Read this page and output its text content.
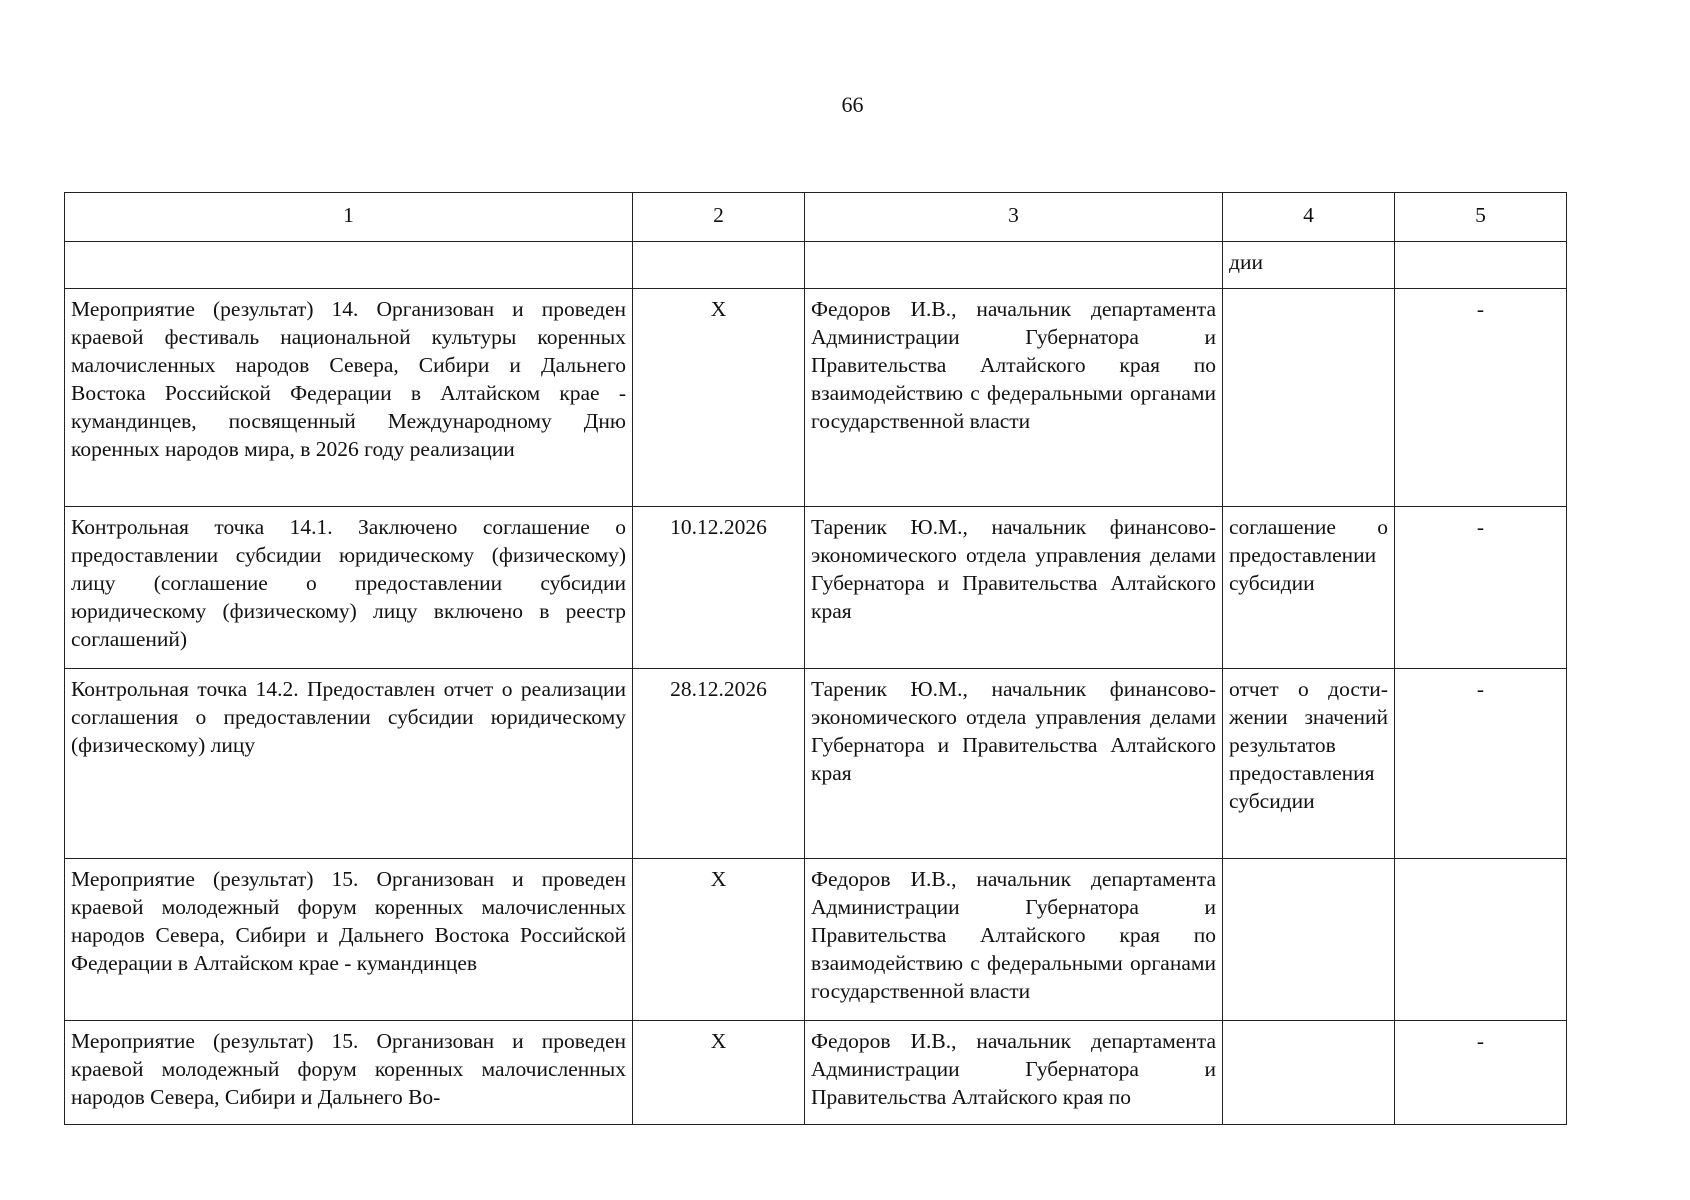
66
1	2	3	4	5
			дии	
Мероприятие (результат) 14. Организован и проведен краевой фестиваль национальной культуры коренных малочисленных народов Севера, Сибири и Дальнего Востока Российской Федерации в Алтайском крае - кумандинцев, посвященный Международному Дню коренных народов мира, в 2026 году реализации	X	Федоров И.В., начальник департамента Администрации Губернатора и Правительства Алтайского края по взаимодействию с федеральными органами государственной власти		-
Контрольная точка 14.1. Заключено соглашение о предоставлении субсидии юридическому (физическому) лицу (соглашение о предоставлении субсидии юридическому (физическому) лицу включено в реестр соглашений)	10.12.2026	Тареник Ю.М., начальник финансово-экономического отдела управления делами Губернатора и Правительства Алтайского края	соглашение о предоставлении субсидии	-
Контрольная точка 14.2. Предоставлен отчет о реализации соглашения о предоставлении субсидии юридическому (физическому) лицу	28.12.2026	Тареник Ю.М., начальник финансово-экономического отдела управления делами Губернатора и Правительства Алтайского края	отчет о достижении значений результатов предоставления субсидии	-
Мероприятие (результат) 15. Организован и проведен краевой молодежный форум коренных малочисленных народов Севера, Сибири и Дальнего Востока Российской Федерации в Алтайском крае - кумандинцев	X	Федоров И.В., начальник департамента Администрации Губернатора и Правительства Алтайского края по взаимодействию с федеральными органами государственной власти		
Мероприятие (результат) 15. Организован и проведен краевой молодежный форум коренных малочисленных народов Севера, Сибири и Дальнего Во-	X	Федоров И.В., начальник департамента Администрации Губернатора и Правительства Алтайского края по		-
